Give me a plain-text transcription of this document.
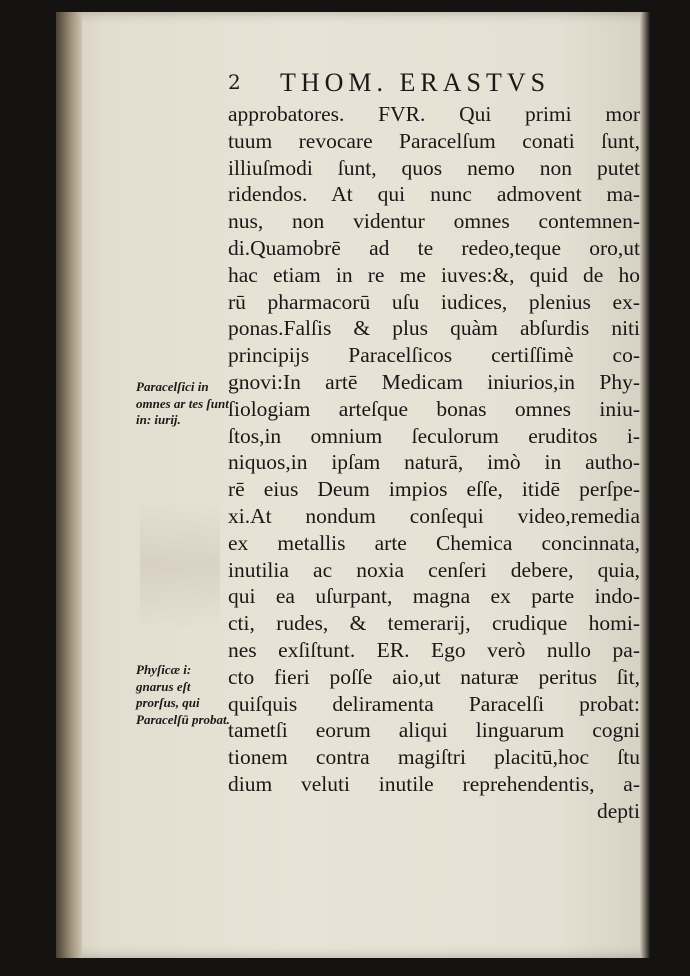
2 THOM. ERASTVS
approbatores. FVR. Qui primi mor
tuum revocare Paracelſum conati ſunt,
illiuſmodi ſunt, quos nemo non putet
ridendos. At qui nunc admovent ma-
nus, non videntur omnes contemnen-
di.Quamobrē ad te redeo,teque oro,ut
hac etiam in re me iuves:&, quid de ho
rū pharmacorū uſu iudices, plenius ex-
ponas.Falſis & plus quàm abſurdis niti
principijs Paracelſicos certiſſimè co-
gnovi:In artē Medicam iniurios,in Phy-
ſiologiam arteſque bonas omnes iniu-
ſtos,in omnium ſeculorum eruditos i-
niquos,in ipſam naturā, imò in autho-
rē eius Deum impios eſſe, itidē perſpe-
xi.At nondum conſequi video,remedia
ex metallis arte Chemica concinnata,
inutilia ac noxia cenſeri debere, quia,
qui ea uſurpant, magna ex parte indo-
cti, rudes, & temerarij, crudique homi-
nes exſiſtunt. ER. Ego verò nullo pa-
cto fieri poſſe aio,ut naturæ peritus ſit,
quiſquis deliramenta Paracelſi probat:
tametſi eorum aliqui linguarum cogni
tionem contra magiſtri placitū,hoc ſtu
dium veluti inutile reprehendentis, a-
depti
Paracelſici in omnes ar tes ſunt in: iurij.
Phyſicæ i: gnarus eſt prorſus, qui Paracelſū probat.
